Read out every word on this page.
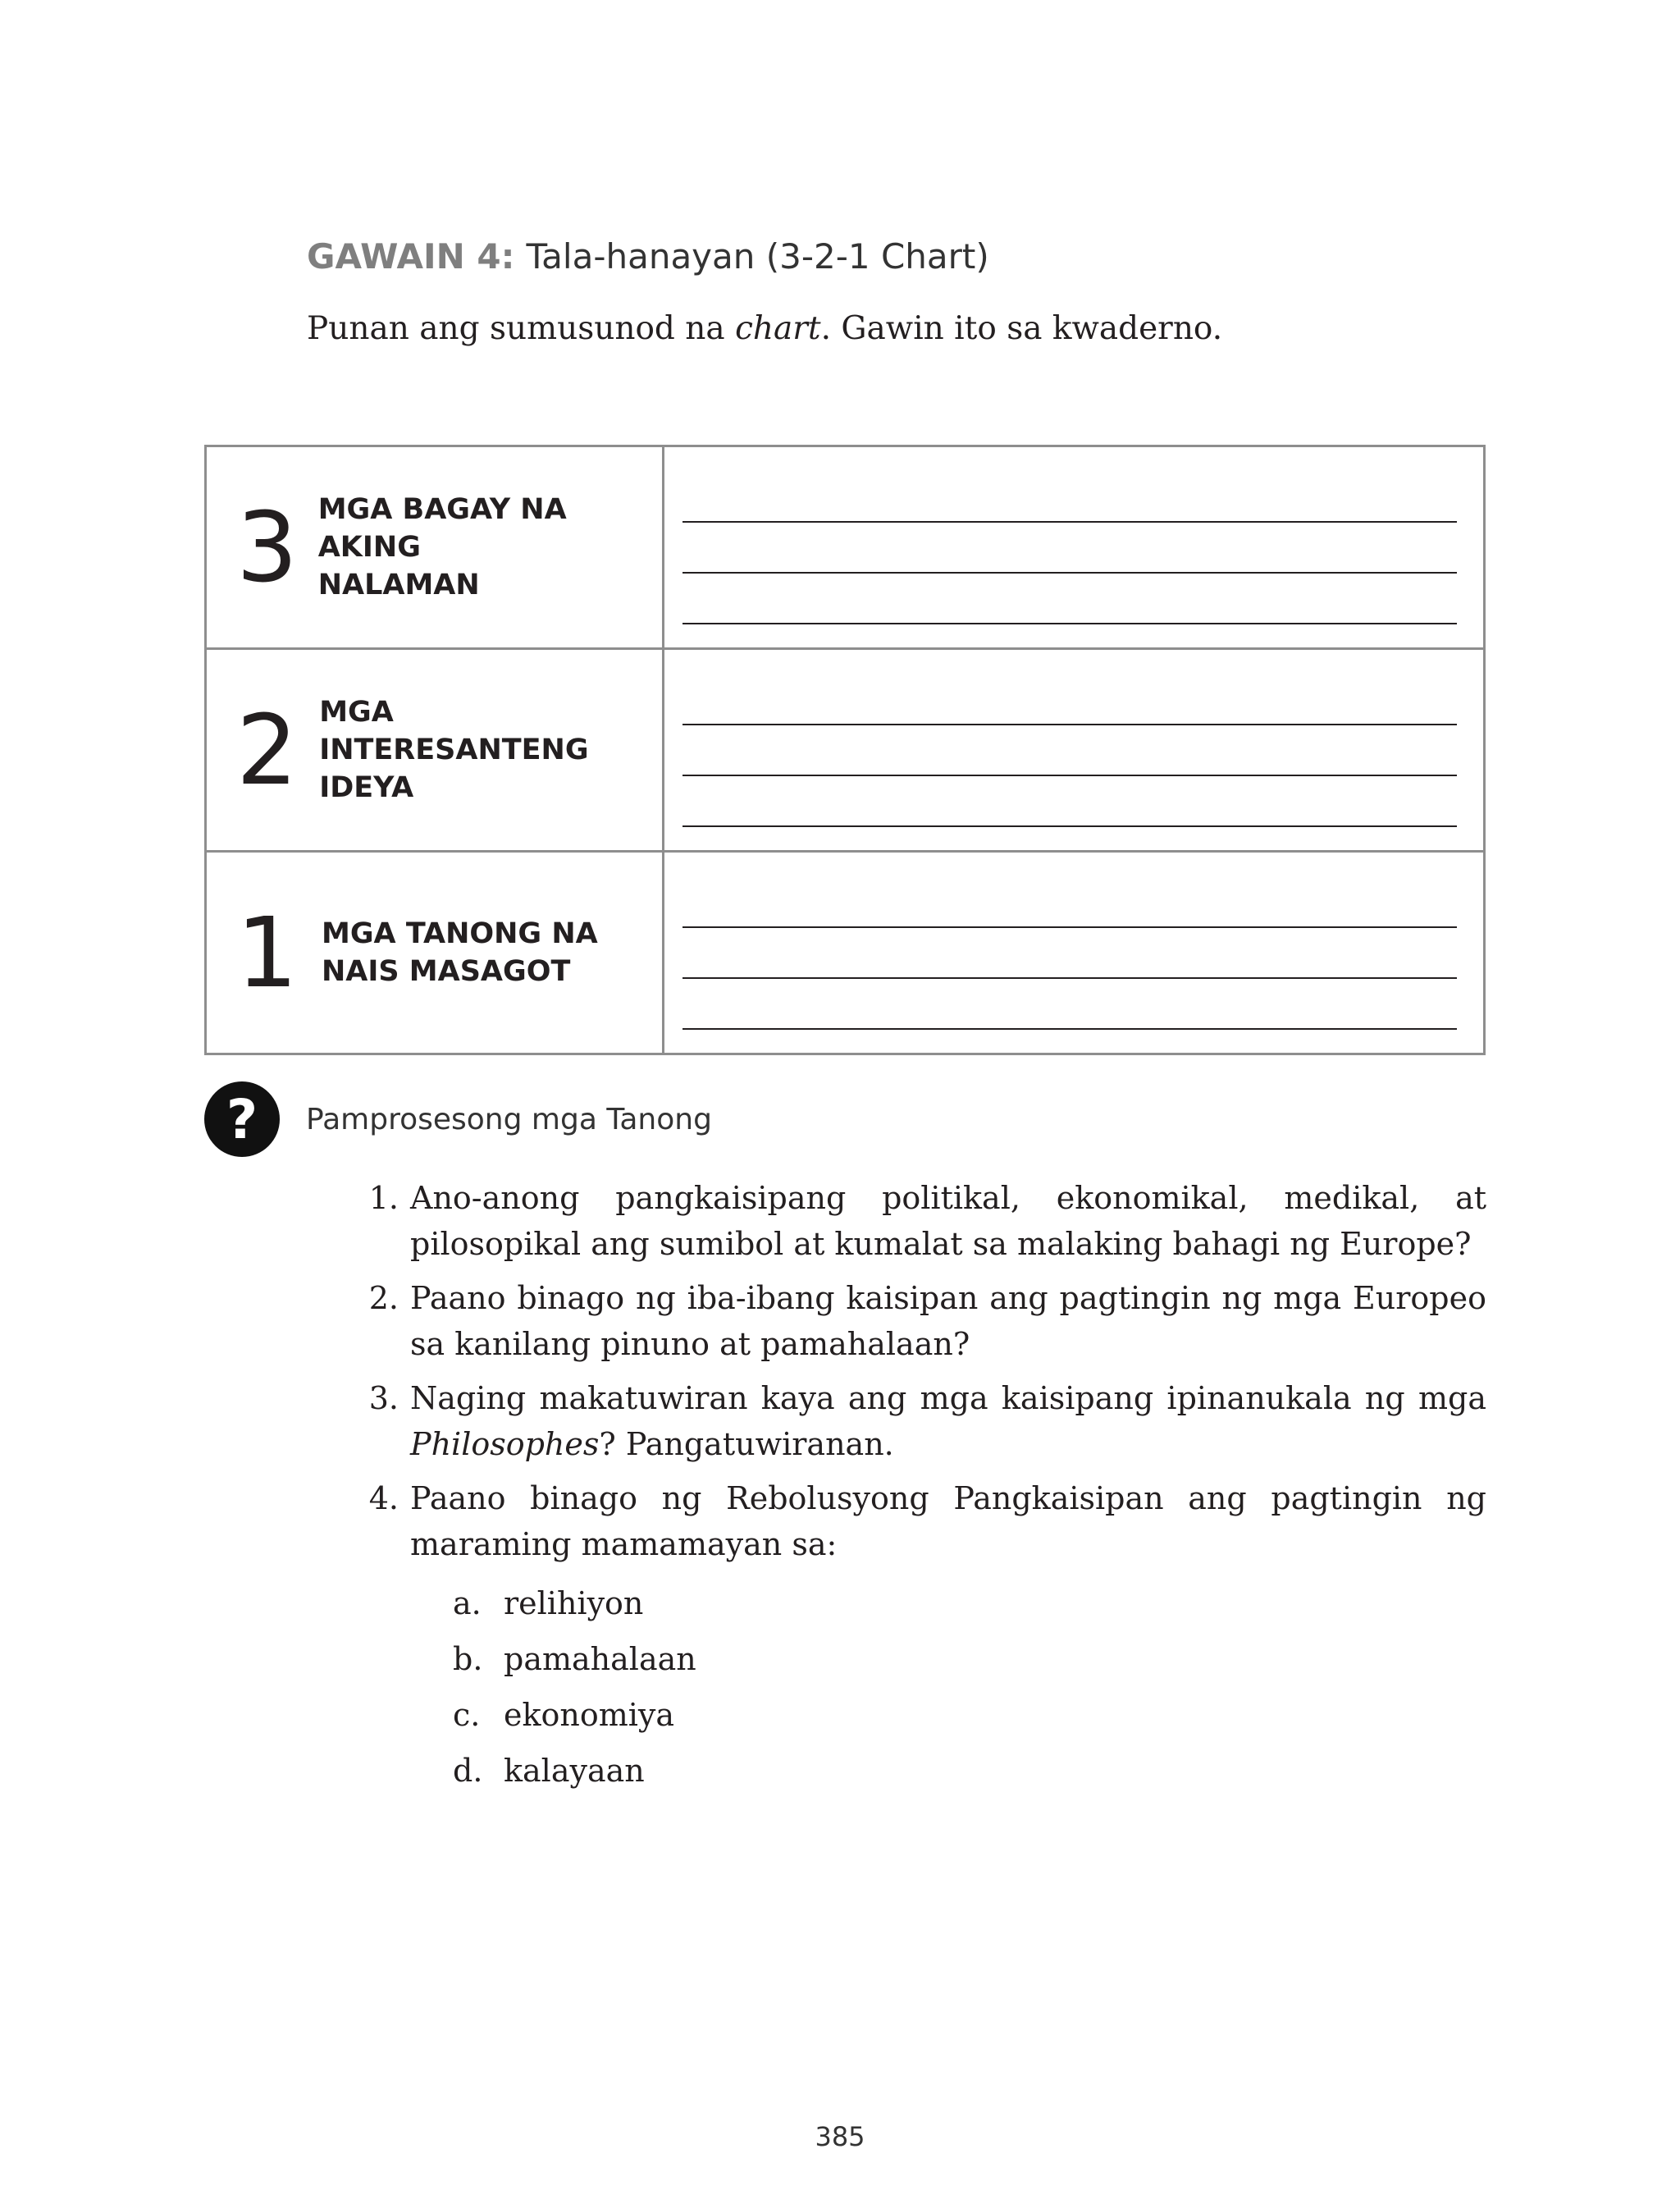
GAWAIN 4: Tala-hanayan (3-2-1 Chart)
Punan ang sumusunod na chart. Gawin ito sa kwaderno.
3 MGA BAGAY NA AKING
NALAMAN	

2 MGA INTERESANTENG
IDEYA	

1 MGA TANONG NA
NAIS MASAGOT	

?	Pamprosesong mga Tanong
1. Ano-anong pangkaisipang politikal, ekonomikal, medikal, at pilosopikal ang sumibol at kumalat sa malaking bahagi ng Europe?
2. Paano binago ng iba-ibang kaisipan ang pagtingin ng mga Europeo sa kanilang pinuno at pamahalaan?
3. Naging makatuwiran kaya ang mga kaisipang ipinanukala ng mga Philosophes? Pangatuwiranan.
4. Paano binago ng Rebolusyong Pangkaisipan ang pagtingin ng maraming mamamayan sa:
a. relihiyon
b. pamahalaan
c. ekonomiya
d. kalayaan
385
